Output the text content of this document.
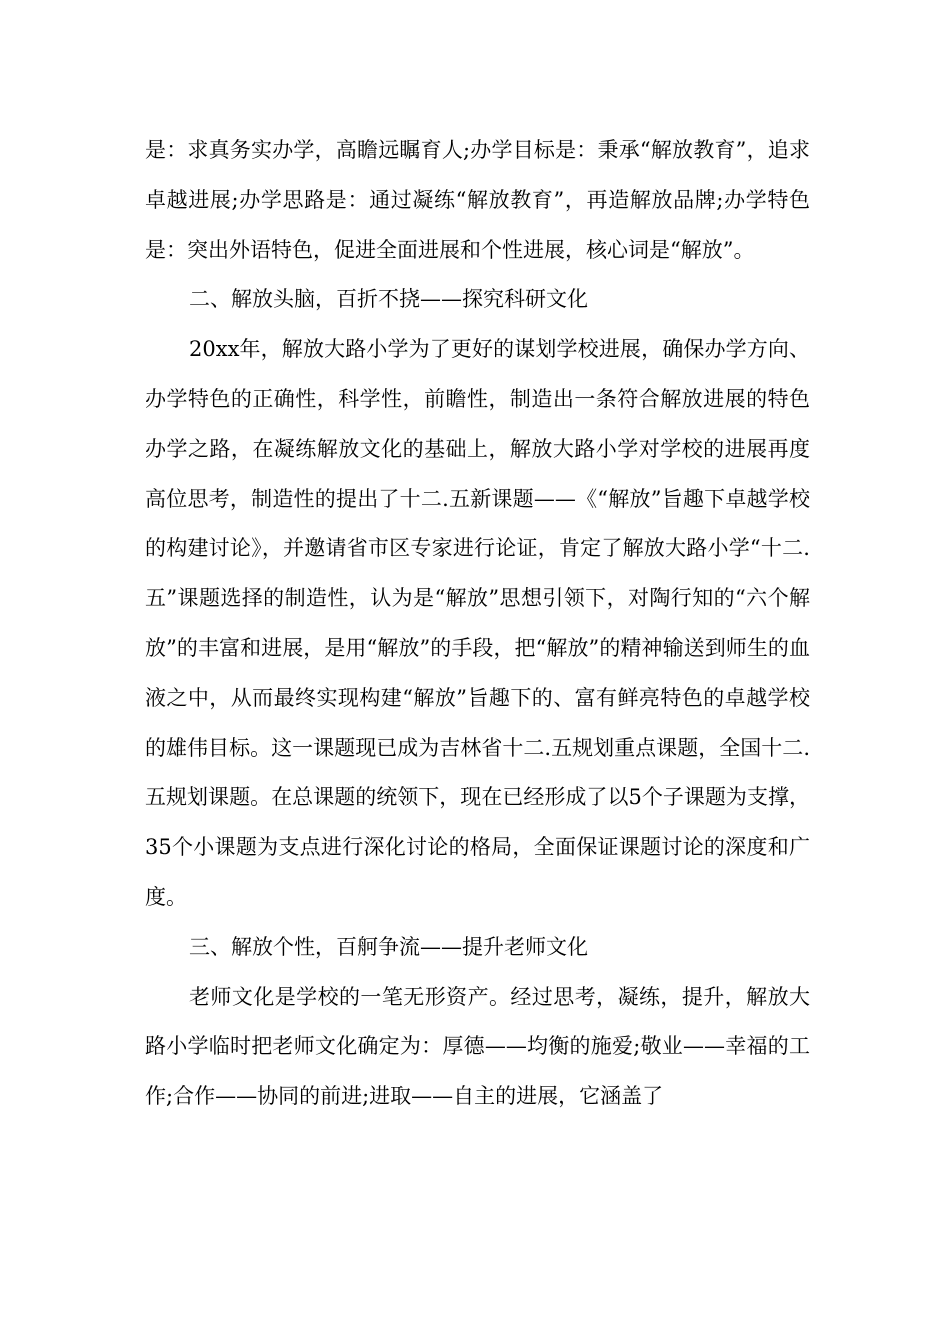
是：求真务实办学，高瞻远瞩育人;办学目标是：秉承“解放教育”，追求卓越进展;办学思路是：通过凝练“解放教育”，再造解放品牌;办学特色是：突出外语特色，促进全面进展和个性进展，核心词是“解放”。

二、解放头脑，百折不挠——探究科研文化

20xx年，解放大路小学为了更好的谋划学校进展，确保办学方向、办学特色的正确性，科学性，前瞻性，制造出一条符合解放进展的特色办学之路，在凝练解放文化的基础上，解放大路小学对学校的进展再度高位思考，制造性的提出了十二.五新课题——《“解放”旨趣下卓越学校的构建讨论》，并邀请省市区专家进行论证，肯定了解放大路小学“十二.五”课题选择的制造性，认为是“解放”思想引领下，对陶行知的“六个解放”的丰富和进展，是用“解放”的手段，把“解放”的精神输送到师生的血液之中，从而最终实现构建“解放”旨趣下的、富有鲜亮特色的卓越学校的雄伟目标。这一课题现已成为吉林省十二.五规划重点课题，全国十二.五规划课题。在总课题的统领下，现在已经形成了以5个子课题为支撑，35个小课题为支点进行深化讨论的格局，全面保证课题讨论的深度和广度。

三、解放个性，百舸争流——提升老师文化

老师文化是学校的一笔无形资产。经过思考，凝练，提升，解放大路小学临时把老师文化确定为：厚德——均衡的施爱;敬业——幸福的工作;合作——协同的前进;进取——自主的进展，它涵盖了
